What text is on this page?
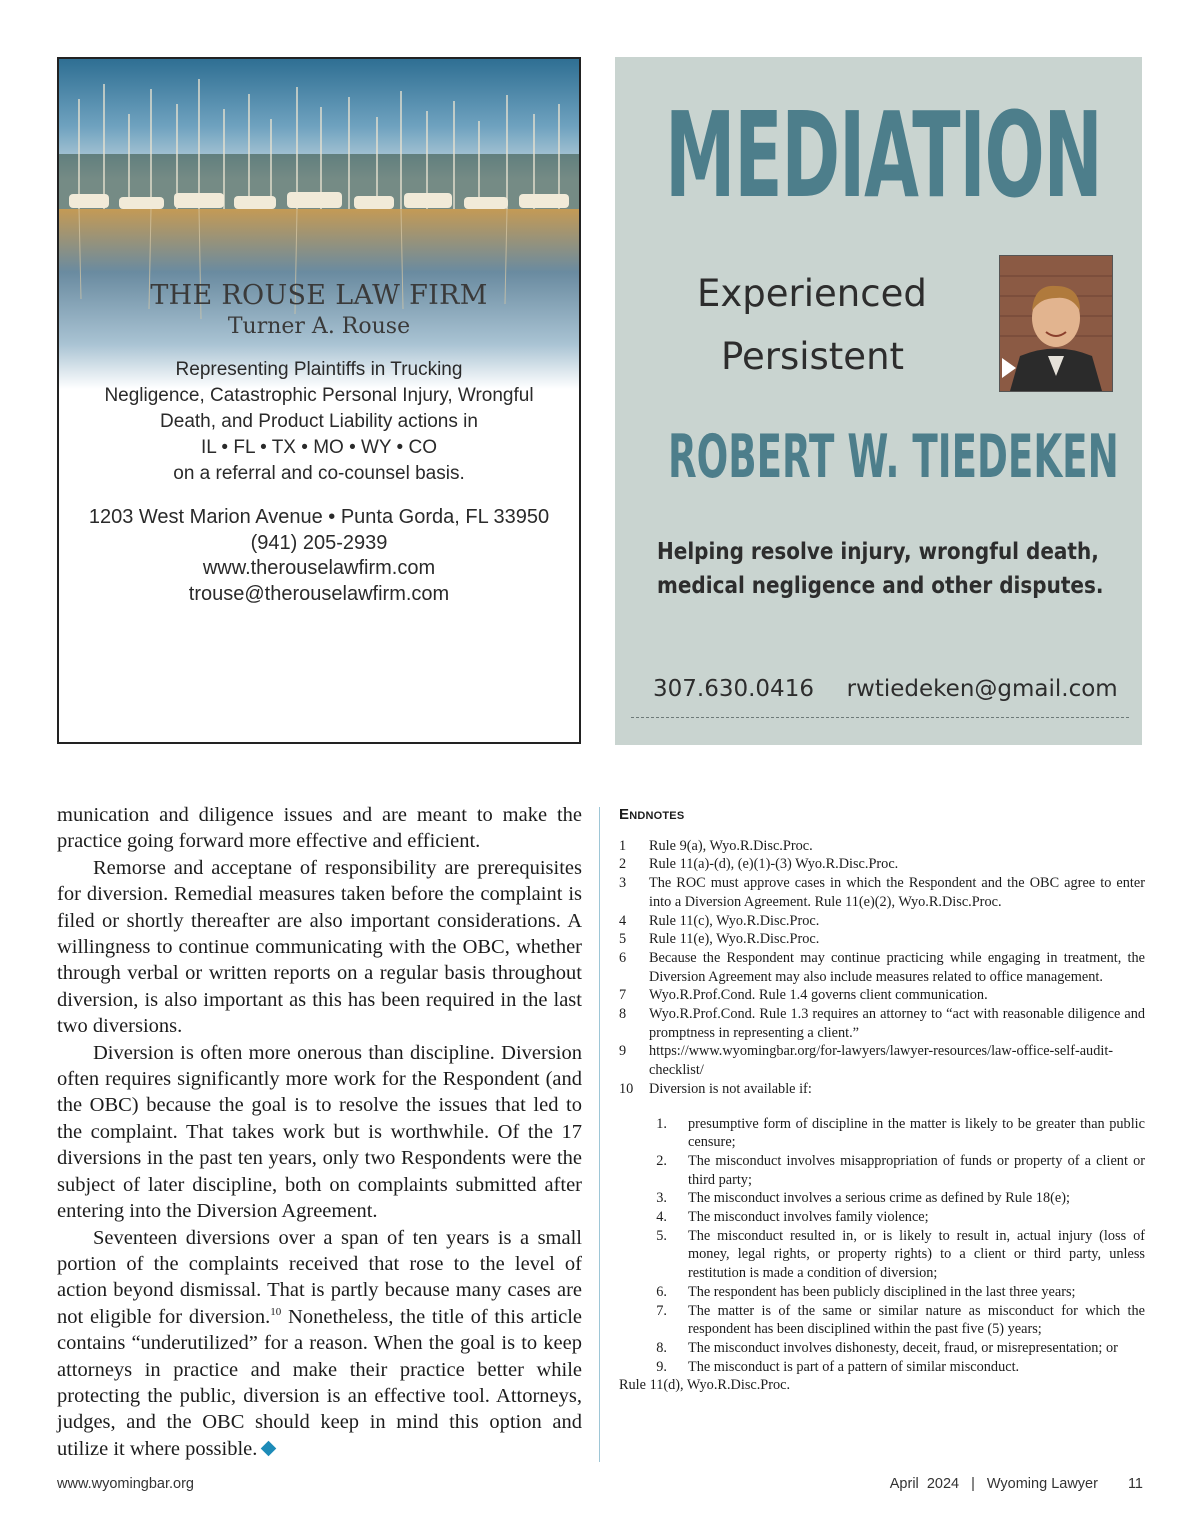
THE ROUSE LAW FIRM
Turner A. Rouse
Representing Plaintiffs in Trucking
Negligence, Catastrophic Personal Injury, Wrongful
Death, and Product Liability actions in
IL • FL • TX • MO • WY • CO
on a referral and co-counsel basis.
1203 West Marion Avenue • Punta Gorda, FL 33950
(941) 205-2939
www.therouselawfirm.com
trouse@therouselawfirm.com
MEDIATION
Experienced
Persistent
ROBERT W. TIEDEKEN
Helping resolve injury, wrongful death,
medical negligence and other disputes.
307.630.0416 rwtiedeken@gmail.com

munication and diligence issues and are meant to make the practice going forward more effective and efficient.

Remorse and acceptane of responsibility are prerequisites for diversion. Remedial measures taken before the complaint is filed or shortly thereafter are also important considerations. A willingness to continue communicating with the OBC, whether through verbal or written reports on a regular basis throughout diversion, is also important as this has been required in the last two diversions.

Diversion is often more onerous than discipline. Diversion often requires significantly more work for the Respondent (and the OBC) because the goal is to resolve the issues that led to the complaint. That takes work but is worthwhile. Of the 17 diversions in the past ten years, only two Respondents were the subject of later discipline, both on complaints submitted after entering into the Diversion Agreement.

Seventeen diversions over a span of ten years is a small portion of the complaints received that rose to the level of action beyond dismissal. That is partly because many cases are not eligible for diversion.$^{10}$ Nonetheless, the title of this article contains “underutilized” for a reason. When the goal is to keep attorneys in practice and make their practice better while protecting the public, diversion is an effective tool. Attorneys, judges, and the OBC should keep in mind this option and utilize it where possible.

Endnotes
1	Rule 9(a), Wyo.R.Disc.Proc.
2	Rule 11(a)-(d), (e)(1)-(3) Wyo.R.Disc.Proc.
3	The ROC must approve cases in which the Respondent and the OBC agree to enter into a Diversion Agreement. Rule 11(e)(2), Wyo.R.Disc.Proc.
4	Rule 11(c), Wyo.R.Disc.Proc.
5	Rule 11(e), Wyo.R.Disc.Proc.
6	Because the Respondent may continue practicing while engaging in treatment, the Diversion Agreement may also include measures related to office management.
7	Wyo.R.Prof.Cond. Rule 1.4 governs client communication.
8	Wyo.R.Prof.Cond. Rule 1.3 requires an attorney to “act with reasonable diligence and promptness in representing a client.”
9	https://www.wyomingbar.org/for-lawyers/lawyer-resources/law-office-self-audit-checklist/
10	Diversion is not available if:
1.	presumptive form of discipline in the matter is likely to be greater than public censure;
2.	The misconduct involves misappropriation of funds or property of a client or third party;
3.	The misconduct involves a serious crime as defined by Rule 18(e);
4.	The misconduct involves family violence;
5.	The misconduct resulted in, or is likely to result in, actual injury (loss of money, legal rights, or property rights) to a client or third party, unless restitution is made a condition of diversion;
6.	The respondent has been publicly disciplined in the last three years;
7.	The matter is of the same or similar nature as misconduct for which the respondent has been disciplined within the past five (5) years;
8.	The misconduct involves dishonesty, deceit, fraud, or misrepresentation; or
9.	The misconduct is part of a pattern of similar misconduct.
Rule 11(d), Wyo.R.Disc.Proc.
www.wyomingbar.org	April  2024 | Wyoming Lawyer 11
